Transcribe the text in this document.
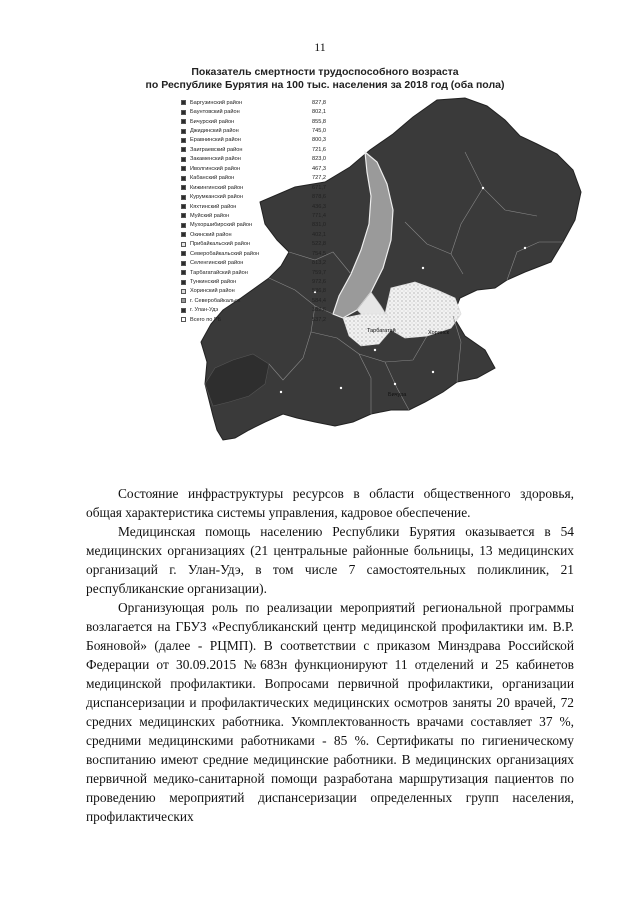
11
Показатель смертности трудоспособного возраста
по Республике Бурятия на 100 тыс. населения за 2018 год (оба пола)
Тарбагатай	Хоринск
Бичура
Баргузинский район	827,8
Баунтовский район	802,1
Бичурский район	855,8
Джидинский район	745,0
Еравнинский район	800,3
Заиграевский район	721,6
Закаменский район	823,0
Иволгинский район	467,3
Кабанский район	727,2
Кижингинский район	671,7
Курумканский район	878,6
Кяхтинский район	436,3
Муйский район	771,4
Мухоршибирский район	831,0
Окинский район	402,1
Прибайкальский район	522,8
Северобайкальский район	754,5
Селенгинский район	813,2
Тарбагатайский район	759,7
Тункинский район	972,6
Хоринский район	536,8
г. Северобайкальск	584,4
г. Улан-Удэ	382,6
Всего по РБ	537,2

Состояние инфраструктуры ресурсов в области общественного здоровья, общая характеристика системы управления, кадровое обеспечение.

Медицинская помощь населению Республики Бурятия оказывается в 54 медицинских организациях (21 центральные районные больницы, 13 медицинских организаций г. Улан-Удэ, в том числе 7 самостоятельных поликлиник, 21 республиканские организации).

Организующая роль по реализации мероприятий региональной программы возлагается на ГБУЗ «Республиканский центр медицинской профилактики им. В.Р. Бояновой» (далее - РЦМП). В соответствии с приказом Минздрава Российской Федерации от 30.09.2015 №683н функционируют 11 отделений и 25 кабинетов медицинской профилактики. Вопросами первичной профилактики, организации диспансеризации и профилактических медицинских осмотров заняты 20 врачей, 72 средних медицинских работника. Укомплектованность врачами составляет 37 %, средними медицинскими работниками - 85 %. Сертификаты по гигиеническому воспитанию имеют средние медицинские работники. В медицинских организациях первичной медико-санитарной помощи разработана маршрутизация пациентов по проведению мероприятий диспансеризации определенных групп населения, профилактических
